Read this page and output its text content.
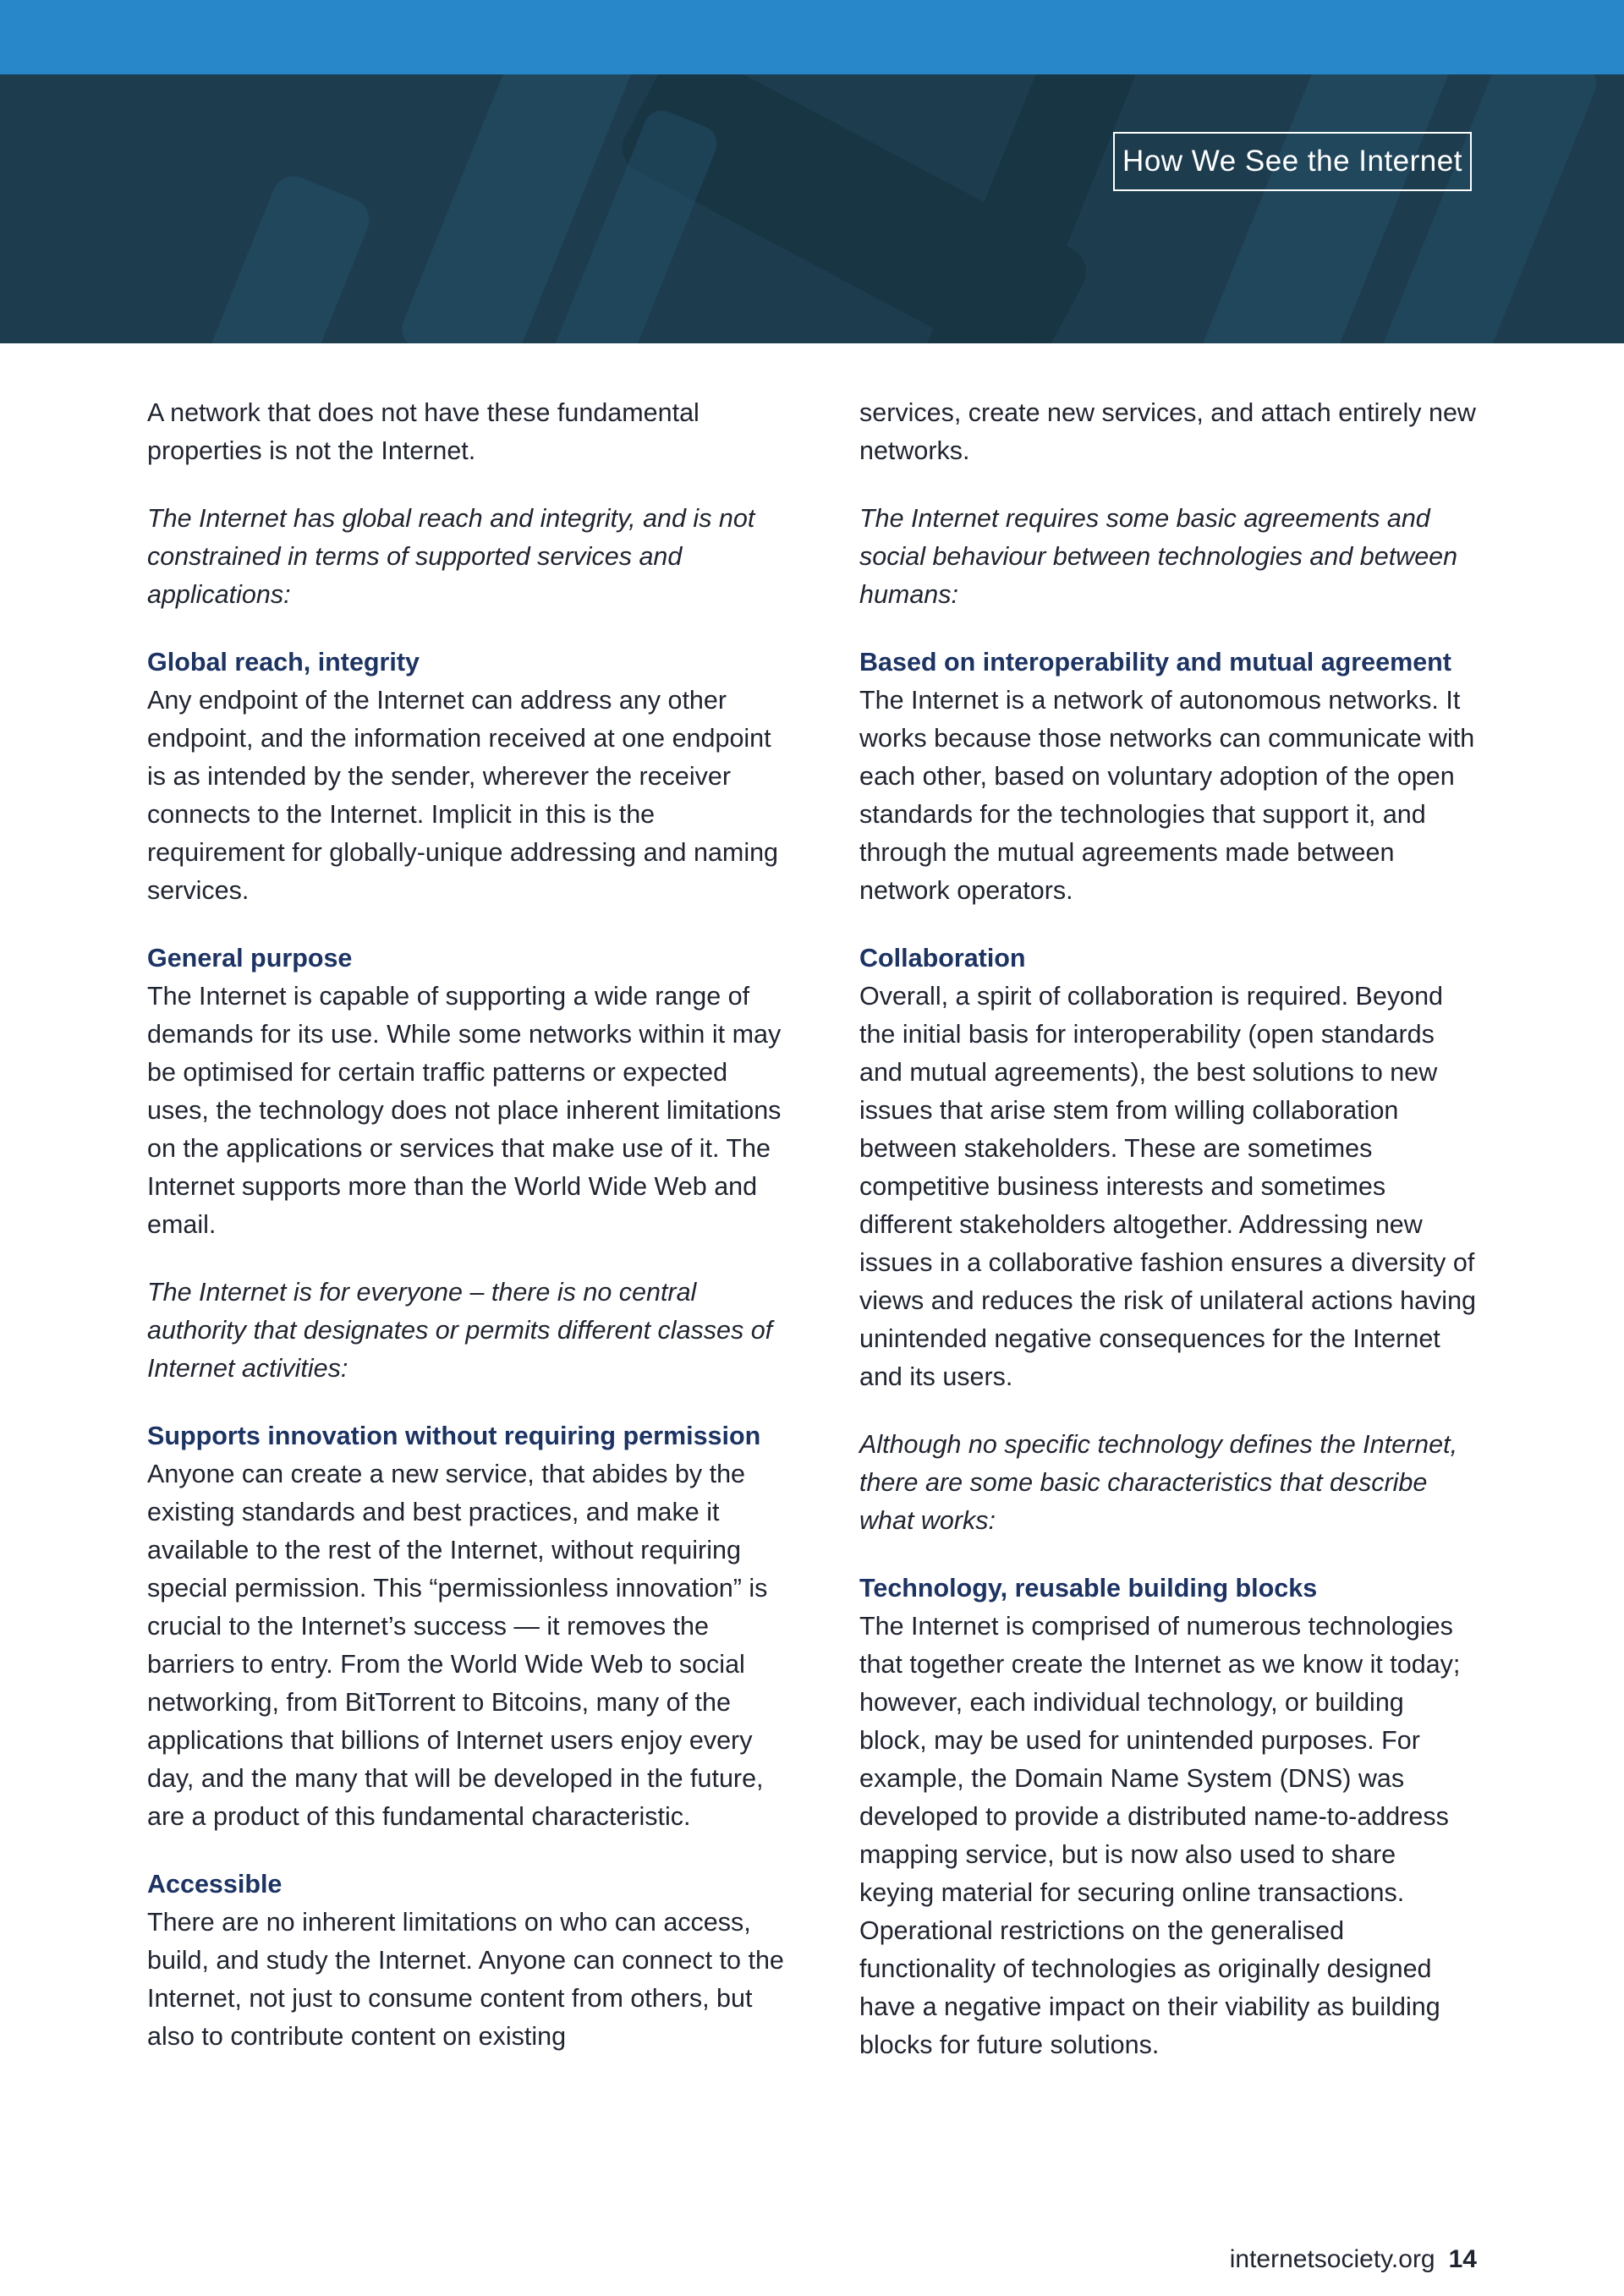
How We See the Internet

A network that does not have these fundamental properties is not the Internet.

The Internet has global reach and integrity, and is not constrained in terms of supported services and applications:

Global reach, integrity

Any endpoint of the Internet can address any other endpoint, and the information received at one endpoint is as intended by the sender, wherever the receiver connects to the Internet. Implicit in this is the requirement for globally-unique addressing and naming services.

General purpose

The Internet is capable of supporting a wide range of demands for its use. While some networks within it may be optimised for certain traffic patterns or expected uses, the technology does not place inherent limitations on the applications or services that make use of it. The Internet supports more than the World Wide Web and email.

The Internet is for everyone – there is no central authority that designates or permits different classes of Internet activities:

Supports innovation without requiring permission

Anyone can create a new service, that abides by the existing standards and best practices, and make it available to the rest of the Internet, without requiring special permission. This “permissionless innovation” is crucial to the Internet’s success — it removes the barriers to entry. From the World Wide Web to social networking, from BitTorrent to Bitcoins, many of the applications that billions of Internet users enjoy every day, and the many that will be developed in the future, are a product of this fundamental characteristic.

Accessible

There are no inherent limitations on who can access, build, and study the Internet. Anyone can connect to the Internet, not just to consume content from others, but also to contribute content on existing

services, create new services, and attach entirely new networks.

The Internet requires some basic agreements and social behaviour between technologies and between humans:

Based on interoperability and mutual agreement

The Internet is a network of autonomous networks. It works because those networks can communicate with each other, based on voluntary adoption of the open standards for the technologies that support it, and through the mutual agreements made between network operators.

Collaboration

Overall, a spirit of collaboration is required. Beyond the initial basis for interoperability (open standards and mutual agreements), the best solutions to new issues that arise stem from willing collaboration between stakeholders. These are sometimes competitive business interests and sometimes different stakeholders altogether. Addressing new issues in a collaborative fashion ensures a diversity of views and reduces the risk of unilateral actions having unintended negative consequences for the Internet and its users.

Although no specific technology defines the Internet, there are some basic characteristics that describe what works:

Technology, reusable building blocks

The Internet is comprised of numerous technologies that together create the Internet as we know it today; however, each individual technology, or building block, may be used for unintended purposes. For example, the Domain Name System (DNS) was developed to provide a distributed name-to-address mapping service, but is now also used to share keying material for securing online transactions. Operational restrictions on the generalised functionality of technologies as originally designed have a negative impact on their viability as building blocks for future solutions.

internetsociety.org 14
